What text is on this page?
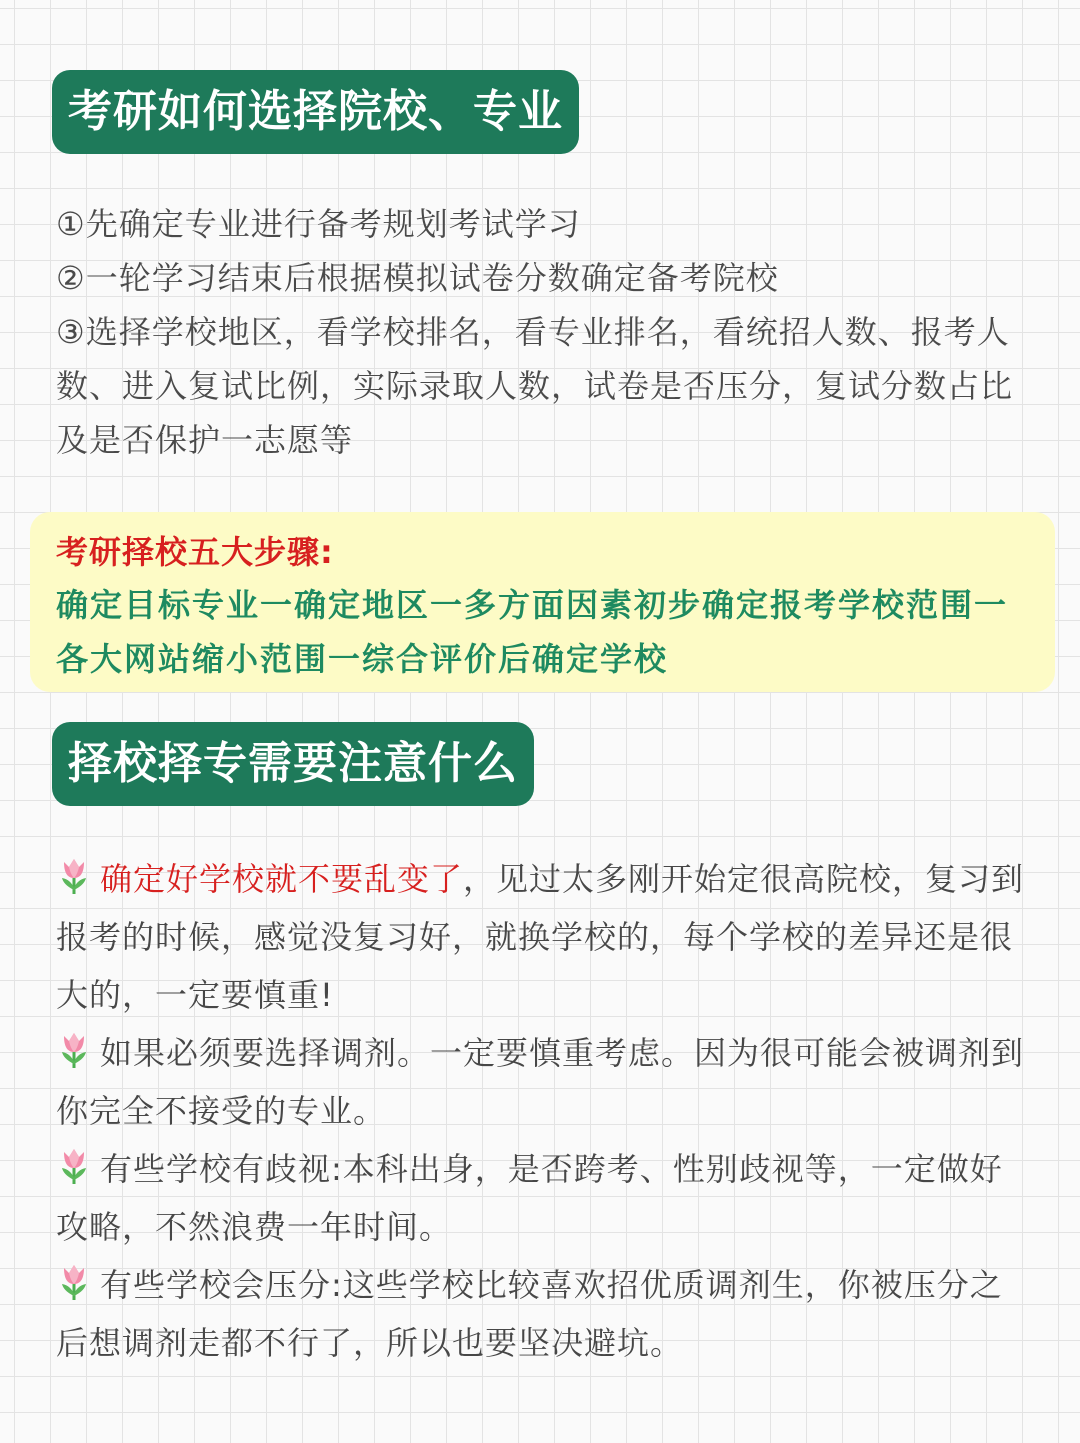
考研如何选择院校、专业

①先确定专业进行备考规划考试学习

②一轮学习结束后根据模拟试卷分数确定备考院校

③选择学校地区，看学校排名，看专业排名，看统招人数、报考人数、进入复试比例，实际录取人数，试卷是否压分，复试分数占比及是否保护一志愿等

考研择校五大步骤:
确定目标专业一确定地区一多方面因素初步确定报考学校范围一各大网站缩小范围一综合评价后确定学校
择校择专需要注意什么

确定好学校就不要乱变了，见过太多刚开始定很高院校，复习到报考的时候，感觉没复习好，就换学校的，每个学校的差异还是很大的，一定要慎重!

如果必须要选择调剂。一定要慎重考虑。因为很可能会被调剂到你完全不接受的专业。

有些学校有歧视:本科出身，是否跨考、性别歧视等，一定做好攻略，不然浪费一年时间。

有些学校会压分:这些学校比较喜欢招优质调剂生，你被压分之后想调剂走都不行了，所以也要坚决避坑。
